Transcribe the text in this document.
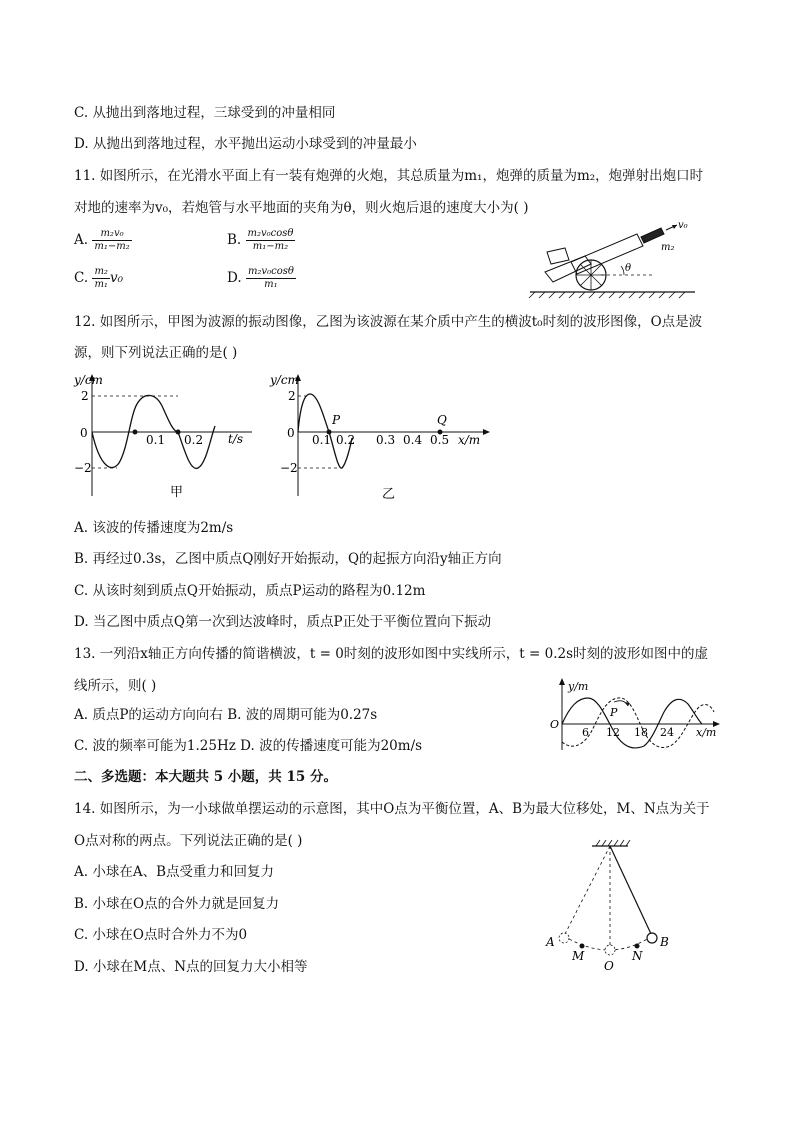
C. 从抛出到落地过程，三球受到的冲量相同
D. 从抛出到落地过程，水平抛出运动小球受到的冲量最小
11. 如图所示，在光滑水平面上有一装有炮弹的火炮，其总质量为m₁，炮弹的质量为m₂，炮弹射出炮口时
对地的速率为v₀，若炮管与水平地面的夹角为θ，则火炮后退的速度大小为( )
A. $\frac{\text{m₂v₀}}{\text{m₁−m₂}}$	B. $\frac{\text{m₂v₀cosθ}}{\text{m₁−m₂}}$
C. $\frac{\text{m₂}}{\text{m₁}} v_0$	D. $\frac{\text{m₂v₀cosθ}}{\text{m₁}}$
v₀
m₂
θ
12. 如图所示，甲图为波源的振动图像，乙图为该波源在某介质中产生的横波t₀时刻的波形图像，O点是波
源，则下列说法正确的是( )
y/cm
t/s
2
0
−2
0.1 0.2
甲
y/cm
x/m
2
0
−2
P	Q
0.1 0.2 0.3 0.4 0.5
乙
A. 该波的传播速度为2m/s
B. 再经过0.3s，乙图中质点Q刚好开始振动，Q的起振方向沿y轴正方向
C. 从该时刻到质点Q开始振动，质点P运动的路程为0.12m
D. 当乙图中质点Q第一次到达波峰时，质点P正处于平衡位置向下振动
13. 一列沿x轴正方向传播的简谐横波，t = 0时刻的波形如图中实线所示，t = 0.2s时刻的波形如图中的虚
线所示，则( )
A. 质点P的运动方向向右 B. 波的周期可能为0.27s
C. 波的频率可能为1.25Hz D. 波的传播速度可能为20m/s
y/m
x/m
O
P
6 12 18 24
二、多选题：本大题共 5 小题，共 15 分。
14. 如图所示，为一小球做单摆运动的示意图，其中O点为平衡位置，A、B为最大位移处，M、N点为关于
O点对称的两点。下列说法正确的是( )
A. 小球在A、B点受重力和回复力
B. 小球在O点的合外力就是回复力
C. 小球在O点时合外力不为0
D. 小球在M点、N点的回复力大小相等
A	B
M	N
O
